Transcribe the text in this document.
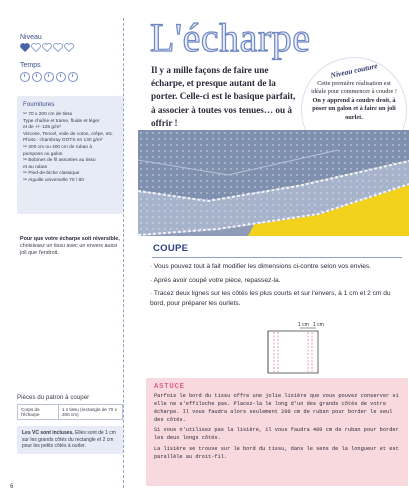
Niveau
Temps
Fournitures
✂ 70 x 200 cm de tissu
Type chaîne et trame, fluide et léger
et de +/- 125 g/m²
Viscose, Tencel, voile de coton, crêpe, etc.
Photo : chambray GOTS en 130 g/m²
✂ 200 cm ou 400 cm de ruban à
pompons ou galon
✂ Bobines de fil assorties au tissu
et au ruban
✂ Pied-de-biche classique
✂ Aiguille universelle 70 / 80
Pour que votre écharpe soit réversible, choisissez un tissu avec un envers aussi joli que l'endroit.
Pièces du patron à couper
Corps de l'écharpe	1 x tissu (rectangle de 70 x 200 cm)
Les VC sont incluses. Elles sont de 1 cm sur les grands côtés du rectangle et 2 cm pour les petits côtés à ourler.
6
L'écharpe
Il y a mille façons de faire une écharpe, et presque autant de la porter. Celle-ci est le basique parfait, à associer à toutes vos tenues… ou à offrir !
Niveau couture
Cette première réalisation est idéale pour commencer à coudre !
On y apprend à coudre droit, à poser un galon et à faire un joli ourlet.
COUPE

· Vous pouvez tout à fait modifier les dimensions ci-contre selon vos envies.

· Après avoir coupé votre pièce, repassez-la.

· Tracez deux lignes sur les côtés les plus courts et sur l'envers, à 1 cm et 2 cm du bord, pour préparer les ourlets.

1 cm 1 cm
ASTUCE

Parfois le bord du tissu offre une jolie lisière que vous pouvez conserver si elle ne s'effiloche pas. Placez-la le long d'un des grands côtés de votre écharpe. Il vous faudra alors seulement 200 cm de ruban pour border le seul des côtés.

Si vous n'utilisez pas la lisière, il vous faudra 400 cm de ruban pour border les deux longs côtés.

La lisière se trouve sur le bord du tissu, dans le sens de la longueur et est parallèle au droit-fil.
